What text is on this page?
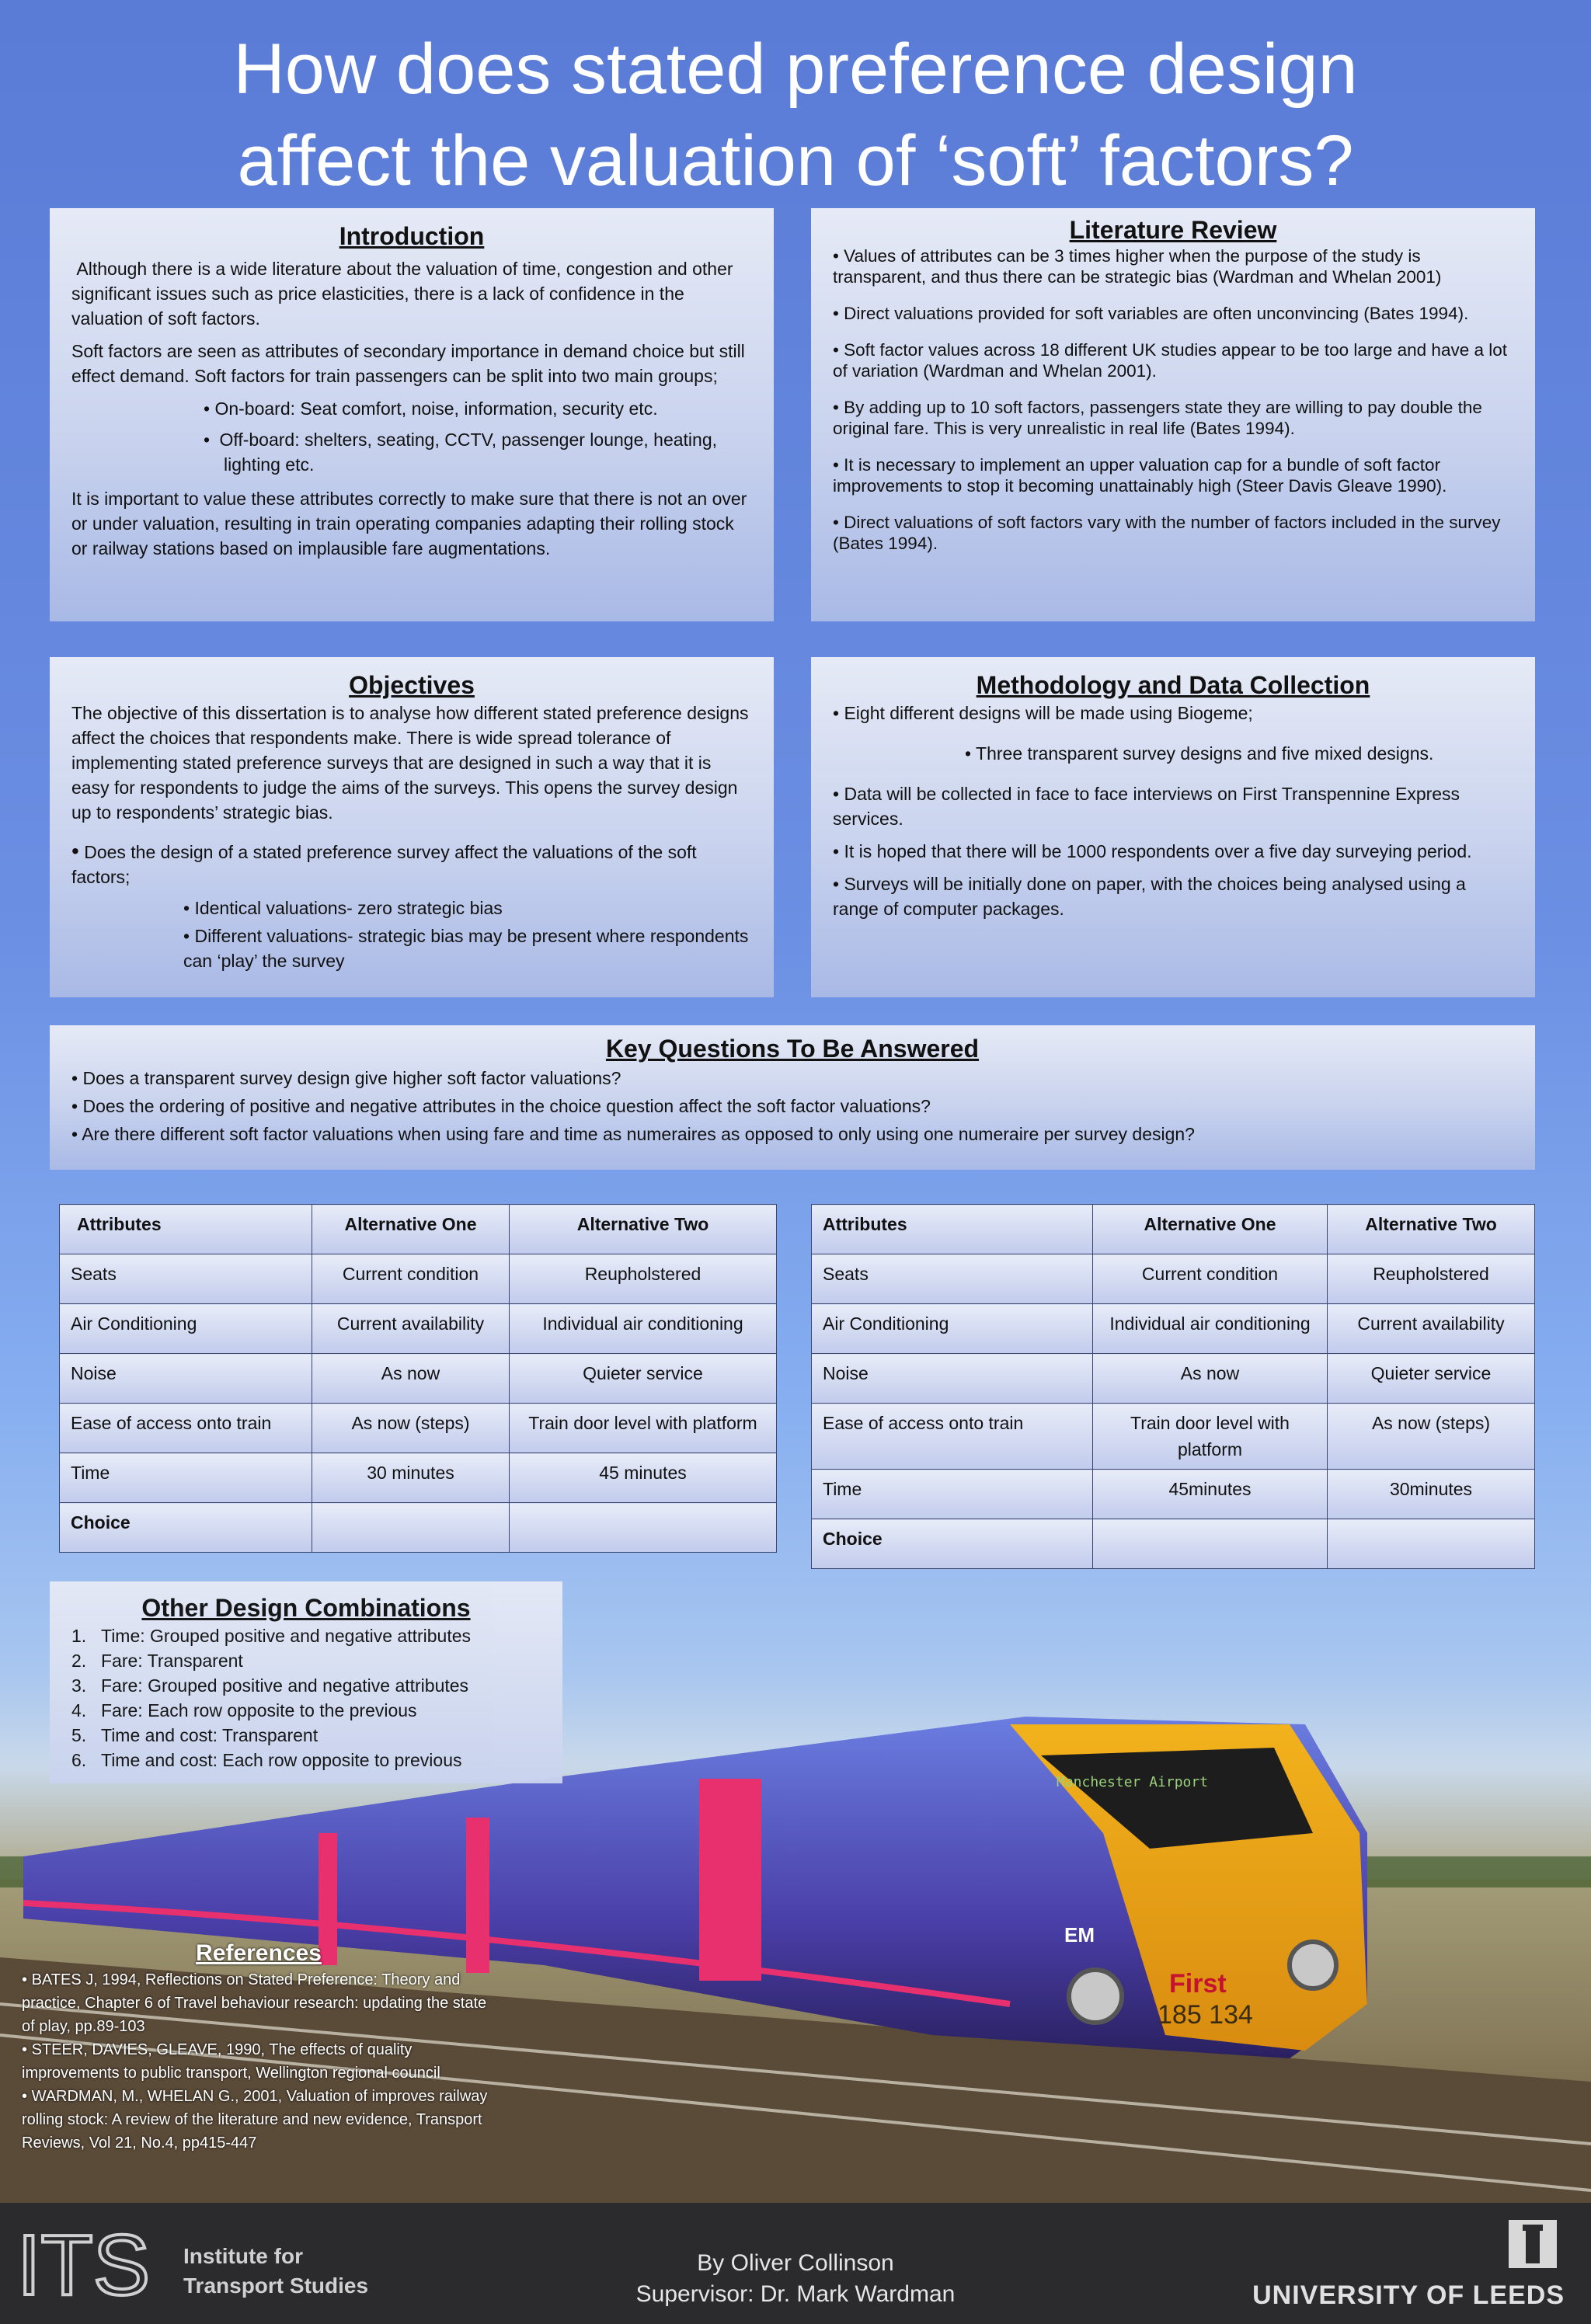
How does stated preference design
affect the valuation of ‘soft’ factors?
Introduction

Although there is a wide literature about the valuation of time, congestion and other significant issues such as price elasticities, there is a lack of confidence in the valuation of soft factors.

Soft factors are seen as attributes of secondary importance in demand choice but still effect demand. Soft factors for train passengers can be split into two main groups;

• On-board: Seat comfort, noise, information, security etc.
• Off-board: shelters, seating, CCTV, passenger lounge, heating,
lighting etc.

It is important to value these attributes correctly to make sure that there is not an over or under valuation, resulting in train operating companies adapting their rolling stock or railway stations based on implausible fare augmentations.

Literature Review
• Values of attributes can be 3 times higher when the purpose of the study is transparent, and thus there can be strategic bias (Wardman and Whelan 2001)
• Direct valuations provided for soft variables are often unconvincing (Bates 1994).
• Soft factor values across 18 different UK studies appear to be too large and have a lot of variation (Wardman and Whelan 2001).
• By adding up to 10 soft factors, passengers state they are willing to pay double the original fare. This is very unrealistic in real life (Bates 1994).
• It is necessary to implement an upper valuation cap for a bundle of soft factor improvements to stop it becoming unattainably high (Steer Davis Gleave 1990).
• Direct valuations of soft factors vary with the number of factors included in the survey (Bates 1994).
Objectives

The objective of this dissertation is to analyse how different stated preference designs affect the choices that respondents make. There is wide spread tolerance of implementing stated preference surveys that are designed in such a way that it is easy for respondents to judge the aims of the surveys. This opens the survey design up to respondents’ strategic bias.

• Does the design of a stated preference survey affect the valuations of the soft factors;
• Identical valuations- zero strategic bias
• Different valuations- strategic bias may be present where respondents can ‘play’ the survey
Methodology and Data Collection
• Eight different designs will be made using Biogeme;
• Three transparent survey designs and five mixed designs.
• Data will be collected in face to face interviews on First Transpennine Express services.
• It is hoped that there will be 1000 respondents over a five day surveying period.
• Surveys will be initially done on paper, with the choices being analysed using a range of computer packages.
Key Questions To Be Answered
• Does a transparent survey design give higher soft factor valuations?
• Does the ordering of positive and negative attributes in the choice question affect the soft factor valuations?
• Are there different soft factor valuations when using fare and time as numeraires as opposed to only using one numeraire per survey design?
Attributes	Alternative One	Alternative Two
Seats	Current condition	Reupholstered
Air Conditioning	Current availability	Individual air conditioning
Noise	As now	Quieter service
Ease of access onto train	As now (steps)	Train door level with platform
Time	30 minutes	45 minutes
Choice		
Attributes	Alternative One	Alternative Two
Seats	Current condition	Reupholstered
Air Conditioning	Individual air conditioning	Current availability
Noise	As now	Quieter service
Ease of access onto train	Train door level with platform	As now (steps)
Time	45minutes	30minutes
Choice		
Manchester Airport
EM
First
185 134
Other Design Combinations
1. Time: Grouped positive and negative attributes
2. Fare: Transparent
3. Fare: Grouped positive and negative attributes
4. Fare: Each row opposite to the previous
5. Time and cost: Transparent
6. Time and cost: Each row opposite to previous
References
• BATES J, 1994, Reflections on Stated Preference: Theory and practice, Chapter 6 of Travel behaviour research: updating the state of play, pp.89-103
• STEER, DAVIES, GLEAVE, 1990, The effects of quality improvements to public transport, Wellington regional council
• WARDMAN, M., WHELAN G., 2001, Valuation of improves railway rolling stock: A review of the literature and new evidence, Transport Reviews, Vol 21, No.4, pp415-447
ITS Institute for
Transport Studies
By Oliver Collinson
Supervisor: Dr. Mark Wardman	UNIVERSITY OF LEEDS
